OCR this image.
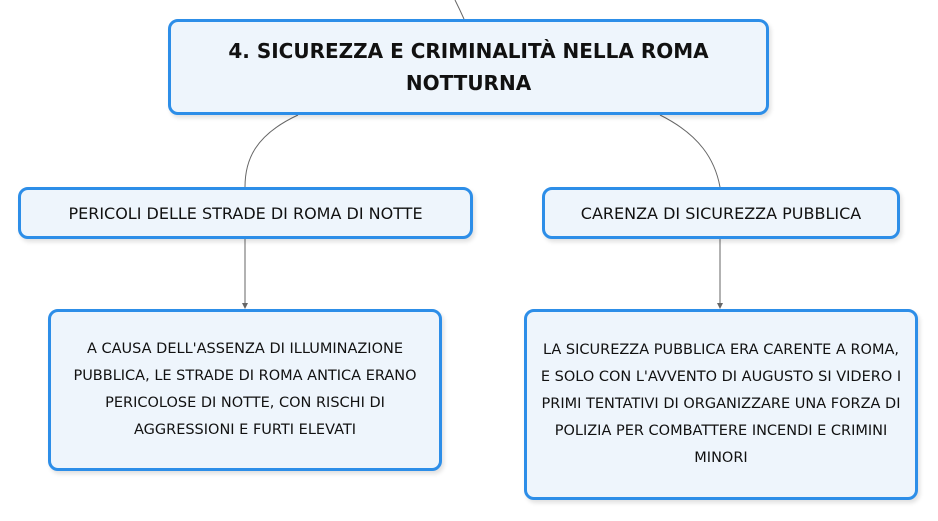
4. SICUREZZA E CRIMINALITÀ NELLA ROMA NOTTURNA
PERICOLI DELLE STRADE DI ROMA DI NOTTE	CARENZA DI SICUREZZA PUBBLICA
A CAUSA DELL'ASSENZA DI ILLUMINAZIONE PUBBLICA, LE STRADE DI ROMA ANTICA ERANO PERICOLOSE DI NOTTE, CON RISCHI DI AGGRESSIONI E FURTI ELEVATI
LA SICUREZZA PUBBLICA ERA CARENTE A ROMA, E SOLO CON L'AVVENTO DI AUGUSTO SI VIDERO I PRIMI TENTATIVI DI ORGANIZZARE UNA FORZA DI POLIZIA PER COMBATTERE INCENDI E CRIMINI MINORI
